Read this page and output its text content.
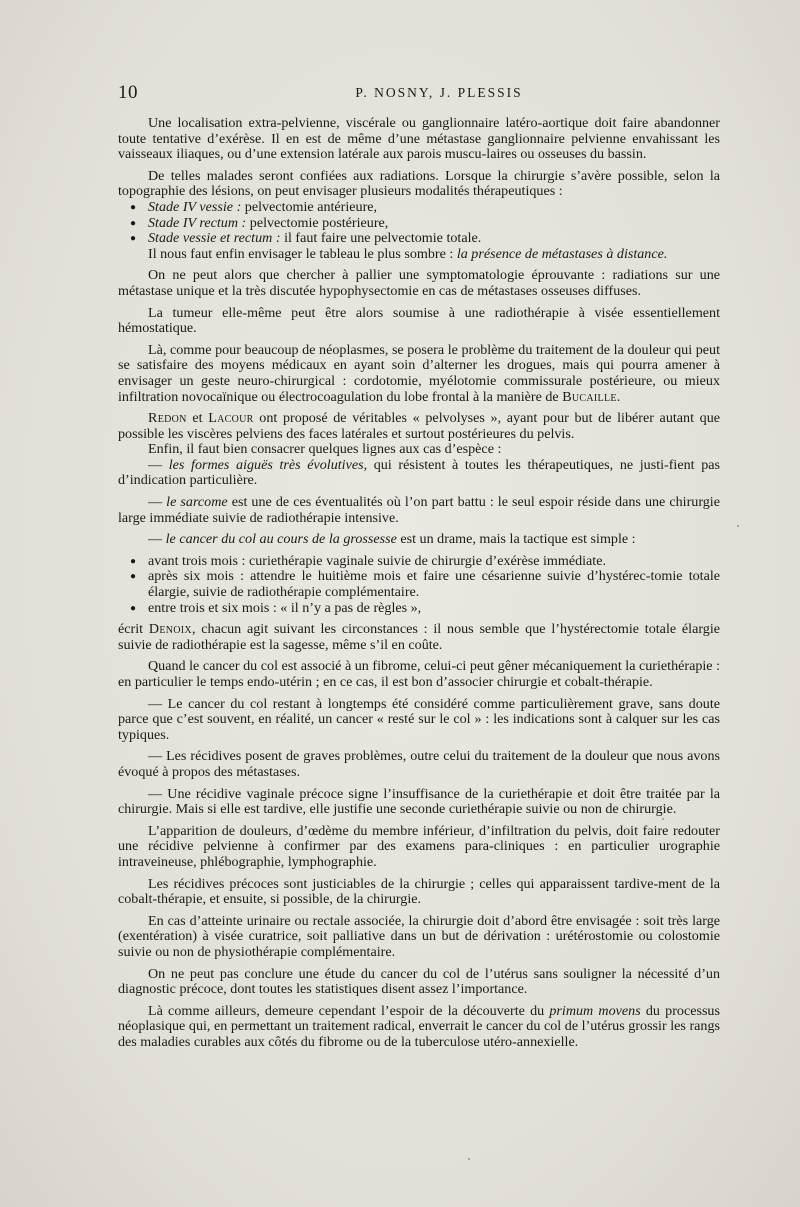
10	P. NOSNY, J. PLESSIS

Une localisation extra-pelvienne, viscérale ou ganglionnaire latéro-aortique doit faire abandonner toute tentative d’exérèse. Il en est de même d’une métastase ganglionnaire pelvienne envahissant les vaisseaux iliaques, ou d’une extension latérale aux parois muscu-laires ou osseuses du bassin.

De telles malades seront confiées aux radiations. Lorsque la chirurgie s’avère possible, selon la topographie des lésions, on peut envisager plusieurs modalités thérapeutiques :

● Stade IV vessie : pelvectomie antérieure,
● Stade IV rectum : pelvectomie postérieure,
● Stade vessie et rectum : il faut faire une pelvectomie totale.

Il nous faut enfin envisager le tableau le plus sombre : la présence de métastases à distance.

On ne peut alors que chercher à pallier une symptomatologie éprouvante : radiations sur une métastase unique et la très discutée hypophysectomie en cas de métastases osseuses diffuses.

La tumeur elle-même peut être alors soumise à une radiothérapie à visée essentiellement hémostatique.

Là, comme pour beaucoup de néoplasmes, se posera le problème du traitement de la douleur qui peut se satisfaire des moyens médicaux en ayant soin d’alterner les drogues, mais qui pourra amener à envisager un geste neuro-chirurgical : cordotomie, myélotomie commissurale postérieure, ou mieux infiltration novocaïnique ou électrocoagulation du lobe frontal à la manière de Bucaille.

Redon et Lacour ont proposé de véritables « pelvolyses », ayant pour but de libérer autant que possible les viscères pelviens des faces latérales et surtout postérieures du pelvis.

Enfin, il faut bien consacrer quelques lignes aux cas d’espèce :

— les formes aiguës très évolutives, qui résistent à toutes les thérapeutiques, ne justi-fient pas d’indication particulière.

— le sarcome est une de ces éventualités où l’on part battu : le seul espoir réside dans une chirurgie large immédiate suivie de radiothérapie intensive.

— le cancer du col au cours de la grossesse est un drame, mais la tactique est simple :

● avant trois mois : curiethérapie vaginale suivie de chirurgie d’exérèse immédiate.
● après six mois : attendre le huitième mois et faire une césarienne suivie d’hystérec-tomie totale élargie, suivie de radiothérapie complémentaire.
● entre trois et six mois : « il n’y a pas de règles »,

écrit Denoix, chacun agit suivant les circonstances : il nous semble que l’hystérectomie totale élargie suivie de radiothérapie est la sagesse, même s’il en coûte.

Quand le cancer du col est associé à un fibrome, celui-ci peut gêner mécaniquement la curiethérapie : en particulier le temps endo-utérin ; en ce cas, il est bon d’associer chirurgie et cobalt-thérapie.

— Le cancer du col restant à longtemps été considéré comme particulièrement grave, sans doute parce que c’est souvent, en réalité, un cancer « resté sur le col » : les indications sont à calquer sur les cas typiques.

— Les récidives posent de graves problèmes, outre celui du traitement de la douleur que nous avons évoqué à propos des métastases.

— Une récidive vaginale précoce signe l’insuffisance de la curiethérapie et doit être traitée par la chirurgie. Mais si elle est tardive, elle justifie une seconde curiethérapie suivie ou non de chirurgie.

L’apparition de douleurs, d’œdème du membre inférieur, d’infiltration du pelvis, doit faire redouter une récidive pelvienne à confirmer par des examens para-cliniques : en particulier urographie intraveineuse, phlébographie, lymphographie.

Les récidives précoces sont justiciables de la chirurgie ; celles qui apparaissent tardive-ment de la cobalt-thérapie, et ensuite, si possible, de la chirurgie.

En cas d’atteinte urinaire ou rectale associée, la chirurgie doit d’abord être envisagée : soit très large (exentération) à visée curatrice, soit palliative dans un but de dérivation : urétérostomie ou colostomie suivie ou non de physiothérapie complémentaire.

On ne peut pas conclure une étude du cancer du col de l’utérus sans souligner la nécessité d’un diagnostic précoce, dont toutes les statistiques disent assez l’importance.

Là comme ailleurs, demeure cependant l’espoir de la découverte du primum movens du processus néoplasique qui, en permettant un traitement radical, enverrait le cancer du col de l’utérus grossir les rangs des maladies curables aux côtés du fibrome ou de la tuberculose utéro-annexielle.
